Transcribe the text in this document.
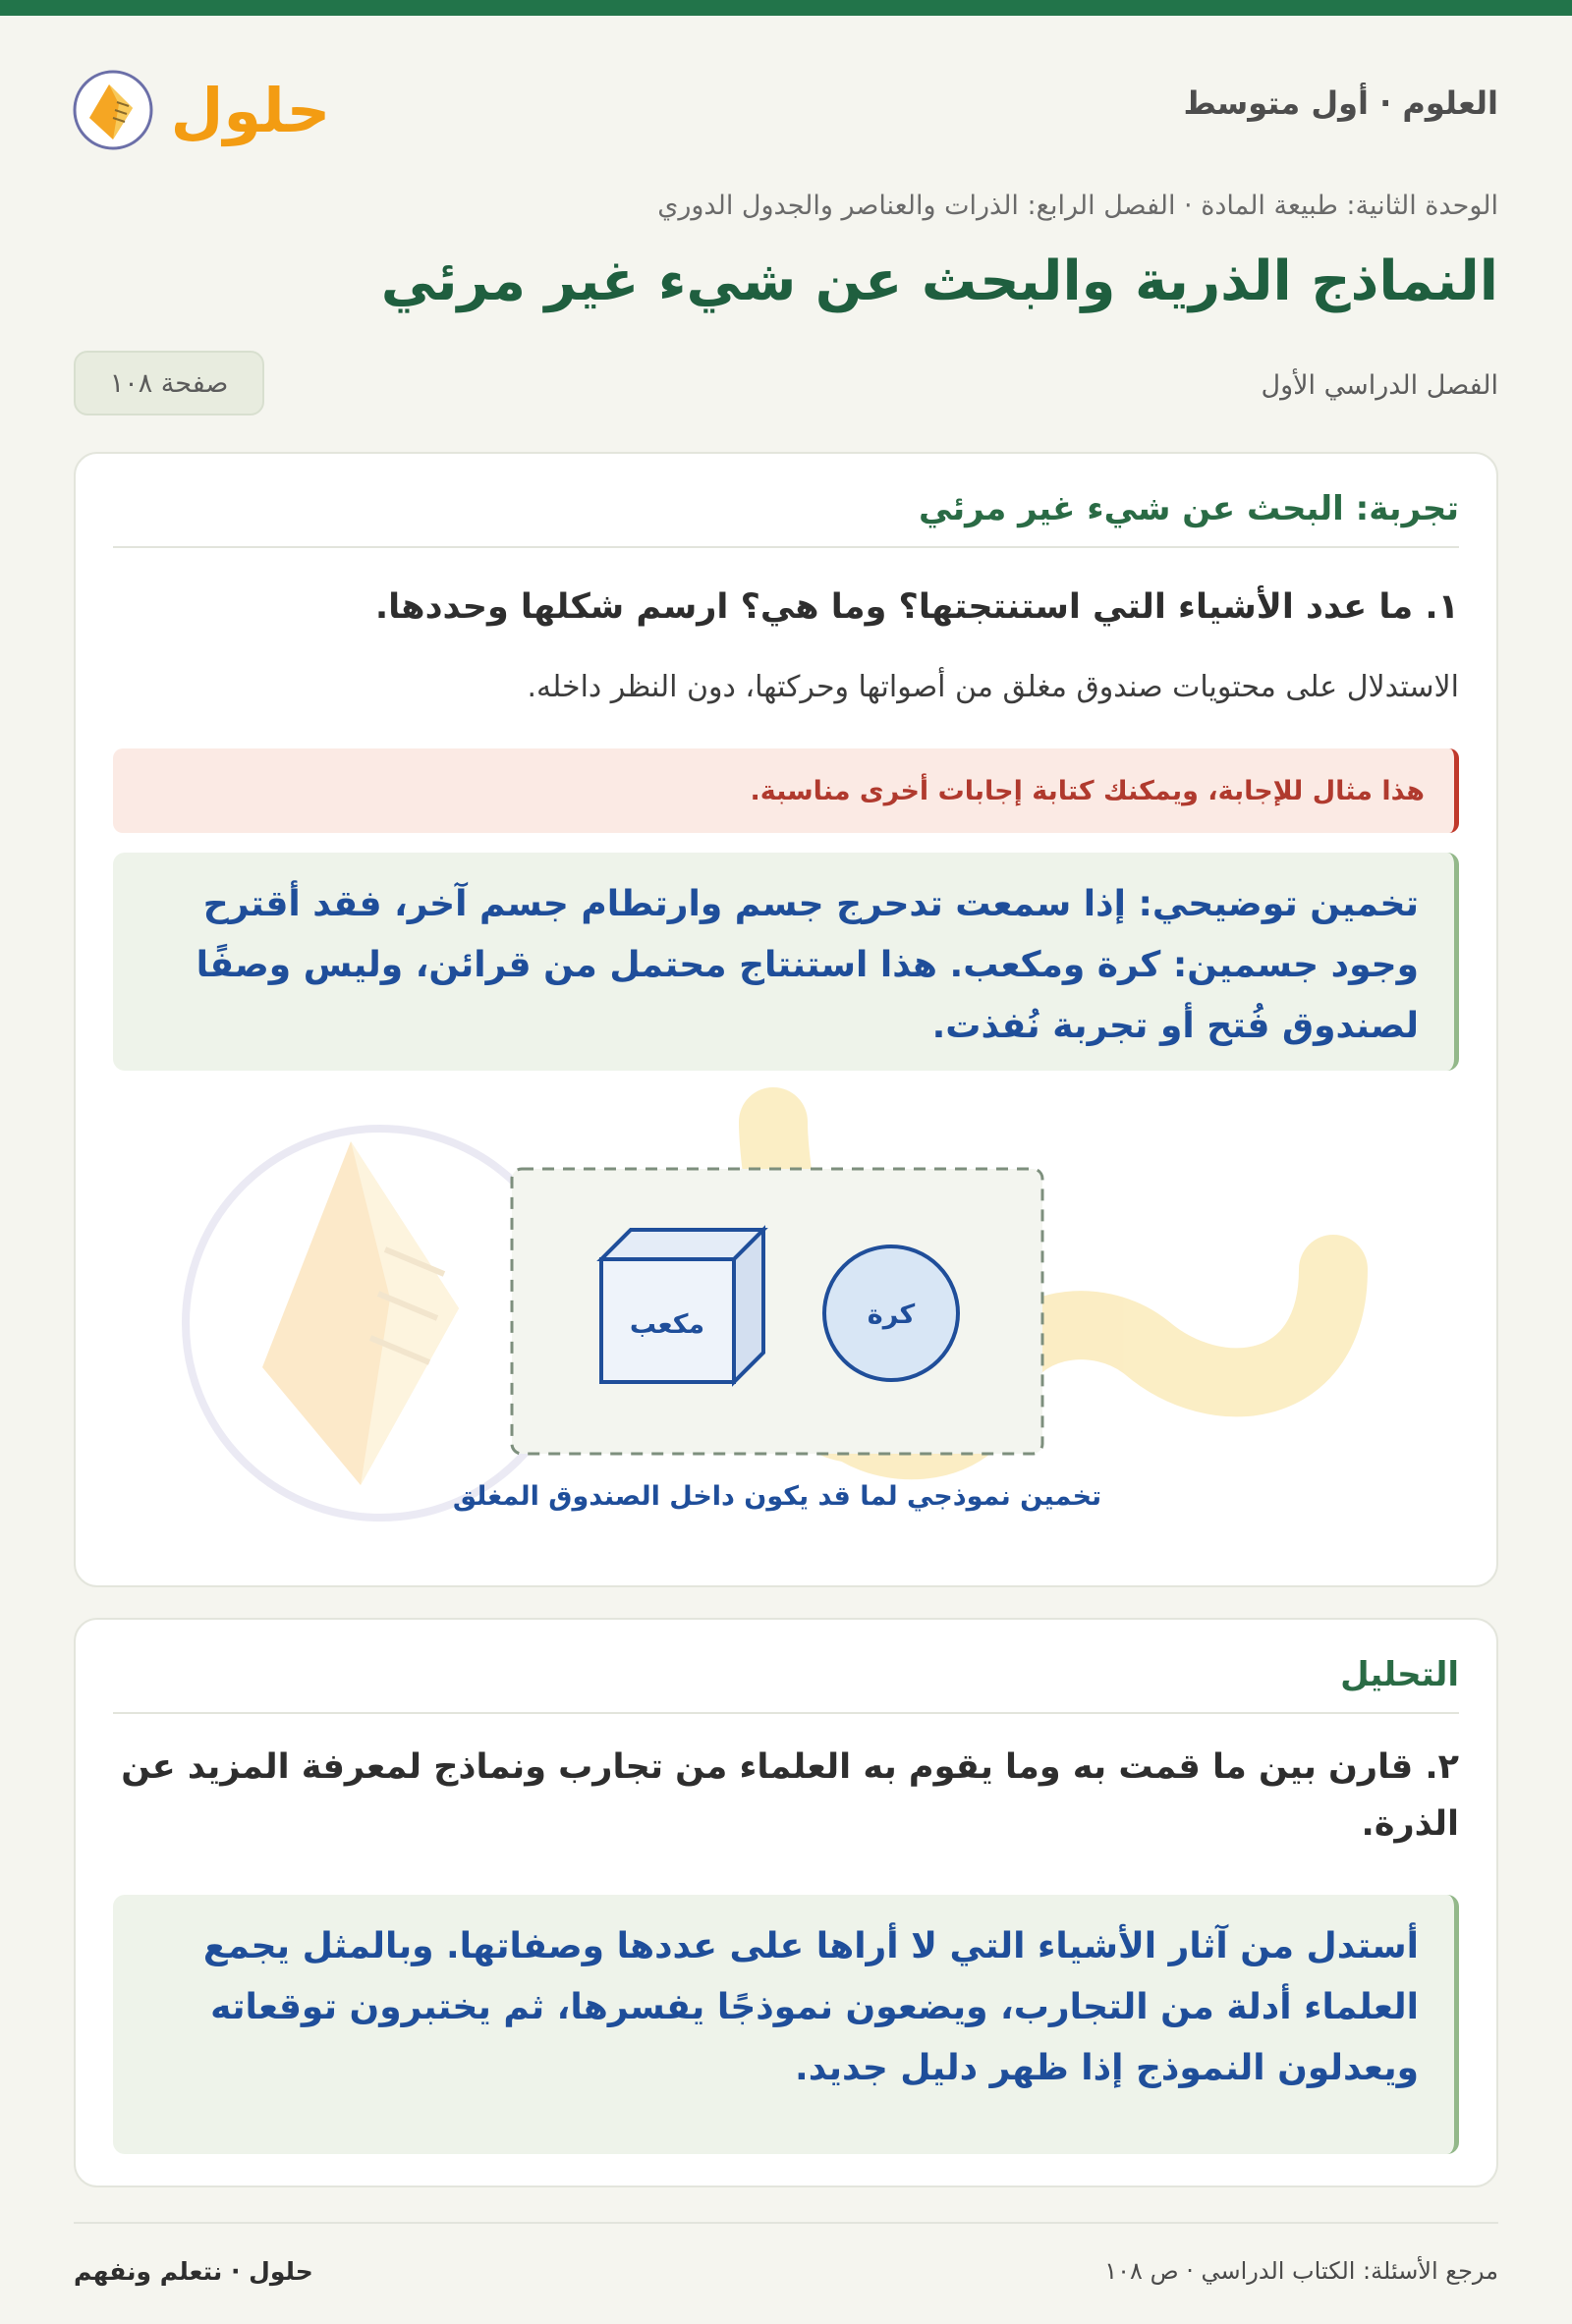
العلوم · أول متوسط
حلول
الوحدة الثانية: طبيعة المادة · الفصل الرابع: الذرات والعناصر والجدول الدوري
النماذج الذرية والبحث عن شيء غير مرئي
الفصل الدراسي الأول
صفحة ١٠٨
تجربة: البحث عن شيء غير مرئي
١. ما عدد الأشياء التي استنتجتها؟ وما هي؟ ارسم شكلها وحددها.
الاستدلال على محتويات صندوق مغلق من أصواتها وحركتها، دون النظر داخله.
هذا مثال للإجابة، ويمكنك كتابة إجابات أخرى مناسبة.
تخمين توضيحي: إذا سمعت تدحرج جسم وارتطام جسم آخر، فقد أقترح وجود جسمين: كرة ومكعب. هذا استنتاج محتمل من قرائن، وليس وصفًا لصندوق فُتح أو تجربة نُفذت.
مكعب	كرة
تخمين نموذجي لما قد يكون داخل الصندوق المغلق
التحليل
٢. قارن بين ما قمت به وما يقوم به العلماء من تجارب ونماذج لمعرفة المزيد عن الذرة.
أستدل من آثار الأشياء التي لا أراها على عددها وصفاتها. وبالمثل يجمع العلماء أدلة من التجارب، ويضعون نموذجًا يفسرها، ثم يختبرون توقعاته ويعدلون النموذج إذا ظهر دليل جديد.
مرجع الأسئلة: الكتاب الدراسي · ص ١٠٨
حلول · نتعلم ونفهم
